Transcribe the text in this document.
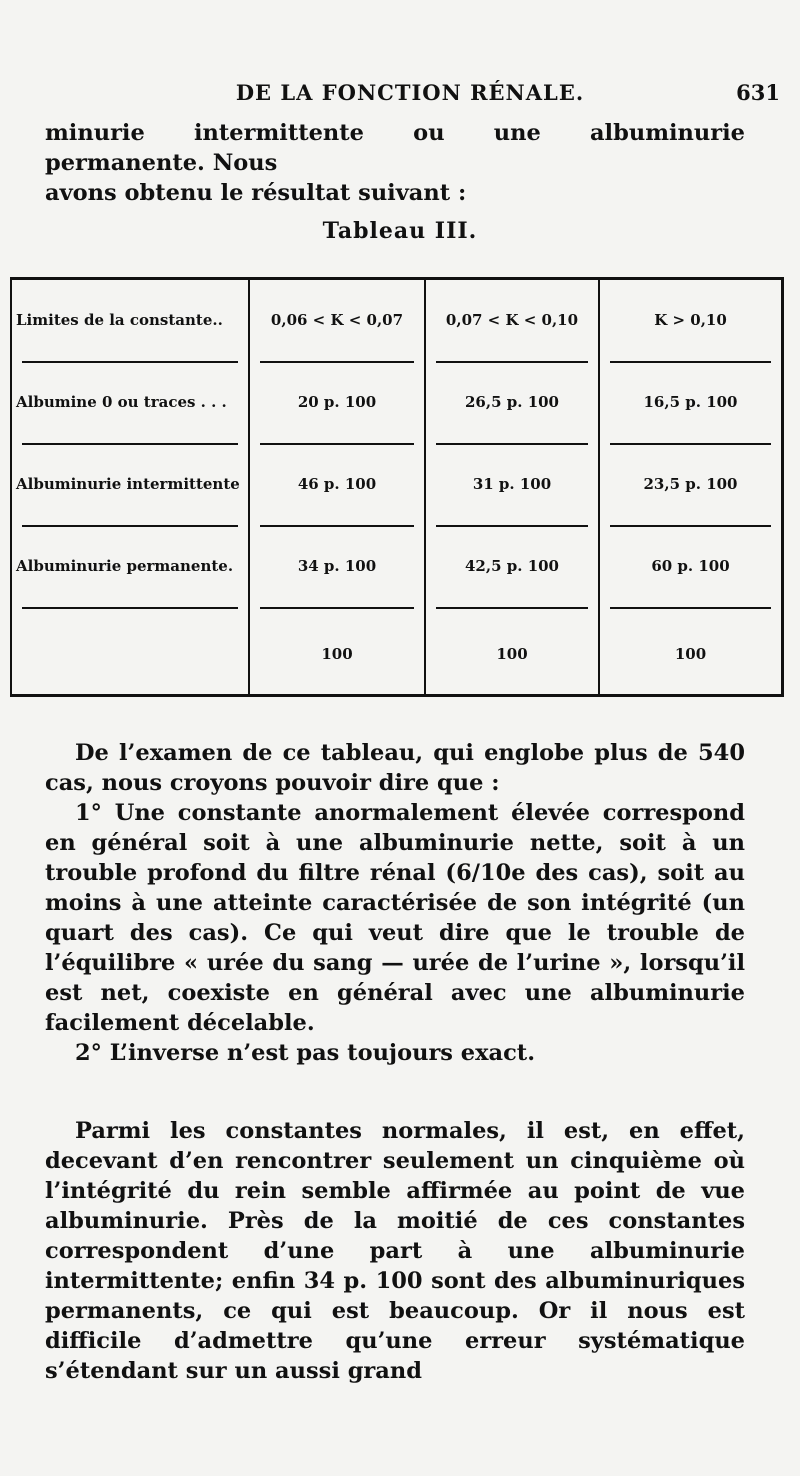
DE LA FONCTION RÉNALE.	631

minurie intermittente ou une albuminurie permanente. Nous

avons obtenu le résultat suivant :

Tableau III.
Limites de la constante..	0,06 < K < 0,07	0,07 < K < 0,10	K > 0,10
Albumine 0 ou traces . . .	20 p. 100	26,5 p. 100	16,5 p. 100
Albuminurie intermittente	46 p. 100	31 p. 100	23,5 p. 100
Albuminurie permanente.	34 p. 100	42,5 p. 100	60 p. 100
	100	100	100

De l’examen de ce tableau, qui englobe plus de 540 cas, nous croyons pouvoir dire que :

1° Une constante anormalement élevée correspond en général soit à une albuminurie nette, soit à un trouble profond du filtre rénal (6/10e des cas), soit au moins à une atteinte caractérisée de son intégrité (un quart des cas). Ce qui veut dire que le trouble de l’équilibre « urée du sang — urée de l’urine », lorsqu’il est net, coexiste en général avec une albuminurie facilement décelable.

2° L’inverse n’est pas toujours exact.

Parmi les constantes normales, il est, en effet, decevant d’en rencontrer seulement un cinquième où l’intégrité du rein semble affirmée au point de vue albuminurie. Près de la moitié de ces constantes correspondent d’une part à une albuminurie intermittente; enfin 34 p. 100 sont des albuminuriques permanents, ce qui est beaucoup. Or il nous est difficile d’admettre qu’une erreur systématique s’étendant sur un aussi grand
